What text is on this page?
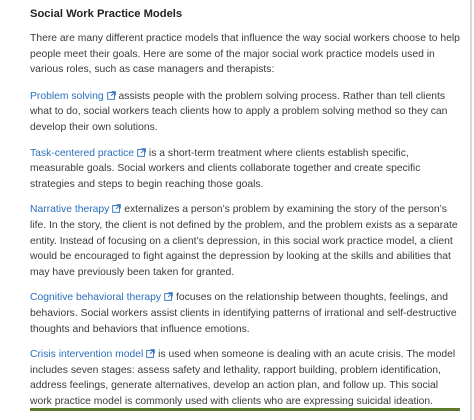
Social Work Practice Models

There are many different practice models that influence the way social workers choose to help people meet their goals. Here are some of the major social work practice models used in various roles, such as case managers and therapists:

Problem solving assists people with the problem solving process. Rather than tell clients what to do, social workers teach clients how to apply a problem solving method so they can develop their own solutions.

Task-centered practice is a short-term treatment where clients establish specific, measurable goals. Social workers and clients collaborate together and create specific strategies and steps to begin reaching those goals.

Narrative therapy externalizes a person’s problem by examining the story of the person’s life. In the story, the client is not defined by the problem, and the problem exists as a separate entity. Instead of focusing on a client’s depression, in this social work practice model, a client would be encouraged to fight against the depression by looking at the skills and abilities that may have previously been taken for granted.

Cognitive behavioral therapy focuses on the relationship between thoughts, feelings, and behaviors. Social workers assist clients in identifying patterns of irrational and self-destructive thoughts and behaviors that influence emotions.

Crisis intervention model is used when someone is dealing with an acute crisis. The model includes seven stages: assess safety and lethality, rapport building, problem identification, address feelings, generate alternatives, develop an action plan, and follow up. This social work practice model is commonly used with clients who are expressing suicidal ideation.
